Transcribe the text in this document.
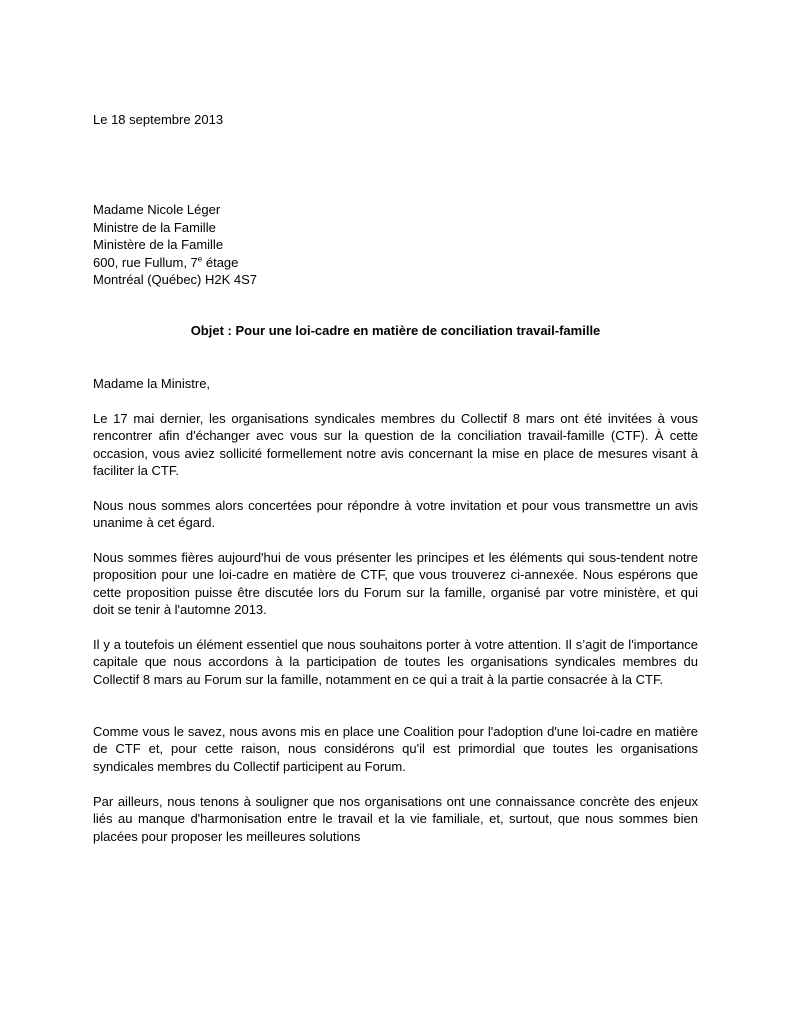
Le 18 septembre 2013
Madame Nicole Léger
Ministre de la Famille
Ministère de la Famille
600, rue Fullum, 7e étage
Montréal (Québec) H2K 4S7
Objet : Pour une loi-cadre en matière de conciliation travail-famille
Madame la Ministre,
Le 17 mai dernier, les organisations syndicales membres du Collectif 8 mars ont été invitées à vous rencontrer afin d'échanger avec vous sur la question de la conciliation travail-famille (CTF). À cette occasion, vous aviez sollicité formellement notre avis concernant la mise en place de mesures visant à faciliter la CTF.
Nous nous sommes alors concertées pour répondre à votre invitation et pour vous transmettre un avis unanime à cet égard.
Nous sommes fières aujourd'hui de vous présenter les principes et les éléments qui sous-tendent notre proposition pour une loi-cadre en matière de CTF, que vous trouverez ci-annexée. Nous espérons que cette proposition puisse être discutée lors du Forum sur la famille, organisé par votre ministère, et qui doit se tenir à l'automne 2013.
Il y a toutefois un élément essentiel que nous souhaitons porter à votre attention. Il s’agit de l'importance capitale que nous accordons à la participation de toutes les organisations syndicales membres du Collectif 8 mars au Forum sur la famille, notamment en ce qui a trait à la partie consacrée à la CTF.
Comme vous le savez, nous avons mis en place une Coalition pour l'adoption d'une loi-cadre en matière de CTF et, pour cette raison, nous considérons qu'il est primordial que toutes les organisations syndicales membres du Collectif participent au Forum.
Par ailleurs, nous tenons à souligner que nos organisations ont une connaissance concrète des enjeux liés au manque d'harmonisation entre le travail et la vie familiale, et, surtout, que nous sommes bien placées pour proposer les meilleures solutions
